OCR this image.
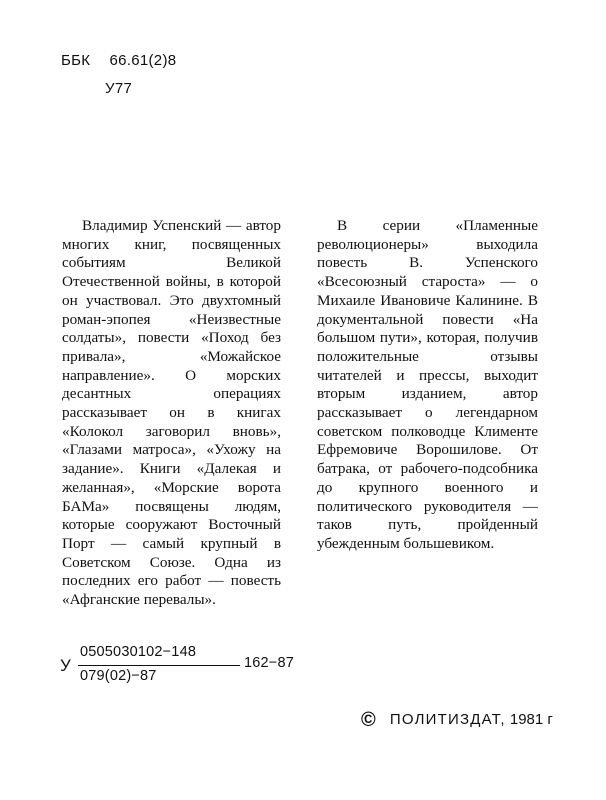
ББК 66.61(2)8
У77

Владимир Успенский — автор многих книг, посвященных событиям Великой Отечественной войны, в которой он участвовал. Это двухтомный роман-эпопея «Неизвестные солдаты», повести «Поход без привала», «Можайское направление». О морских десантных операциях рассказывает он в книгах «Колокол заговорил вновь», «Глазами матроса», «Ухожу на задание». Книги «Далекая и желанная», «Морские ворота БАМа» посвящены людям, которые сооружают Восточный Порт — самый крупный в Советском Союзе. Одна из последних его работ — повесть «Афганские перевалы».

В серии «Пламенные революционеры» выходила повесть В. Успенского «Всесоюзный староста» — о Михаиле Ивановиче Калинине. В документальной повести «На большом пути», которая, получив положительные отзывы читателей и прессы, выходит вторым изданием, автор рассказывает о легендарном советском полководце Клименте Ефремовиче Ворошилове. От батрака, от рабочего-подсобника до крупного военного и политического руководителя — таков путь, пройденный убежденным большевиком.

У
0505030102−148
079(02)−87
162−87
© ПОЛИТИЗДАТ, 1981 г
